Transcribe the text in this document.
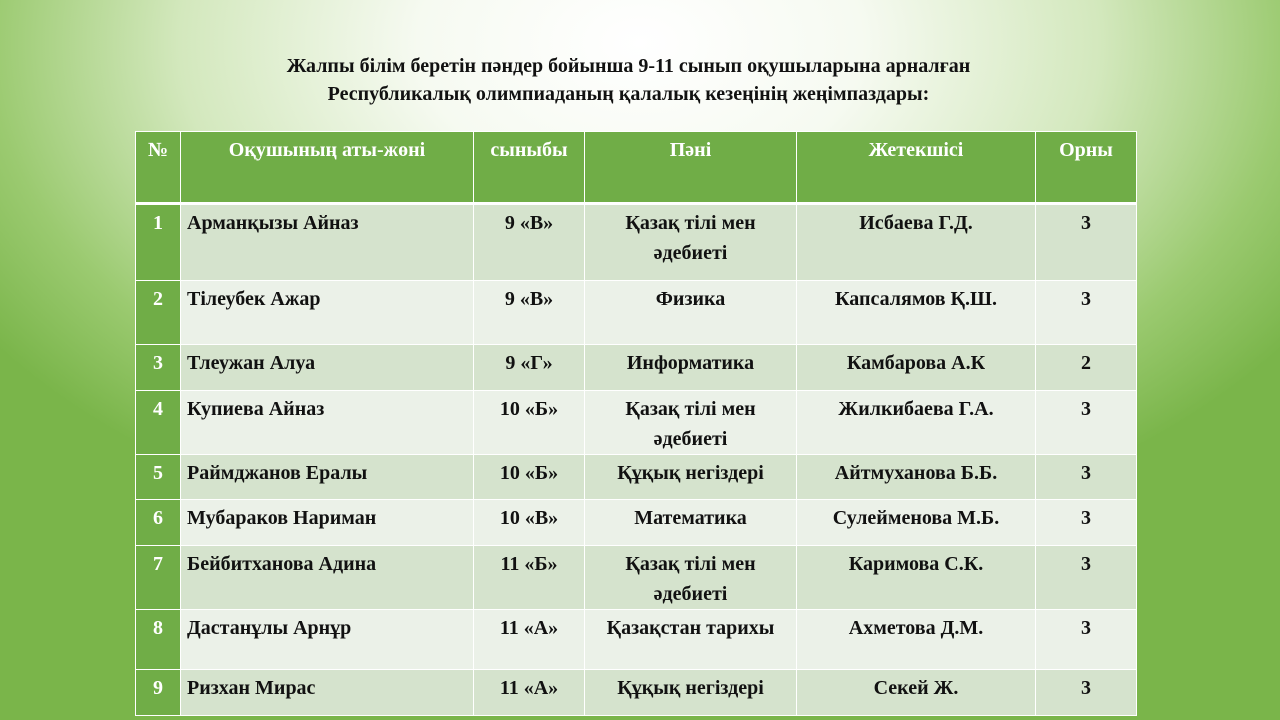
Жалпы білім беретін пәндер бойынша 9-11 сынып оқушыларына арналған
Республикалық олимпиаданың қалалық кезеңінің жеңімпаздары:
№	Оқушының аты-жөні	сыныбы	Пәні	Жетекшісі	Орны
1	Арманқызы Айназ	9 «В»	Қазақ тілі мен әдебиеті	Исбаева Г.Д.	3
2	Тілеубек Ажар	9 «В»	Физика	Капсалямов Қ.Ш.	3
3	Тлеужан Алуа	9 «Г»	Информатика	Камбарова А.К	2
4	Купиева Айназ	10 «Б»	Қазақ тілі мен әдебиеті	Жилкибаева Г.А.	3
5	Раймджанов Ералы	10 «Б»	Құқық негіздері	Айтмуханова Б.Б.	3
6	Мубараков Нариман	10 «В»	Математика	Сулейменова М.Б.	3
7	Бейбитханова Адина	11 «Б»	Қазақ тілі мен әдебиеті	Каримова С.К.	3
8	Дастанұлы Арнұр	11 «А»	Қазақстан тарихы	Ахметова Д.М.	3
9	Ризхан Мирас	11 «А»	Құқық негіздері	Секей Ж.	3
